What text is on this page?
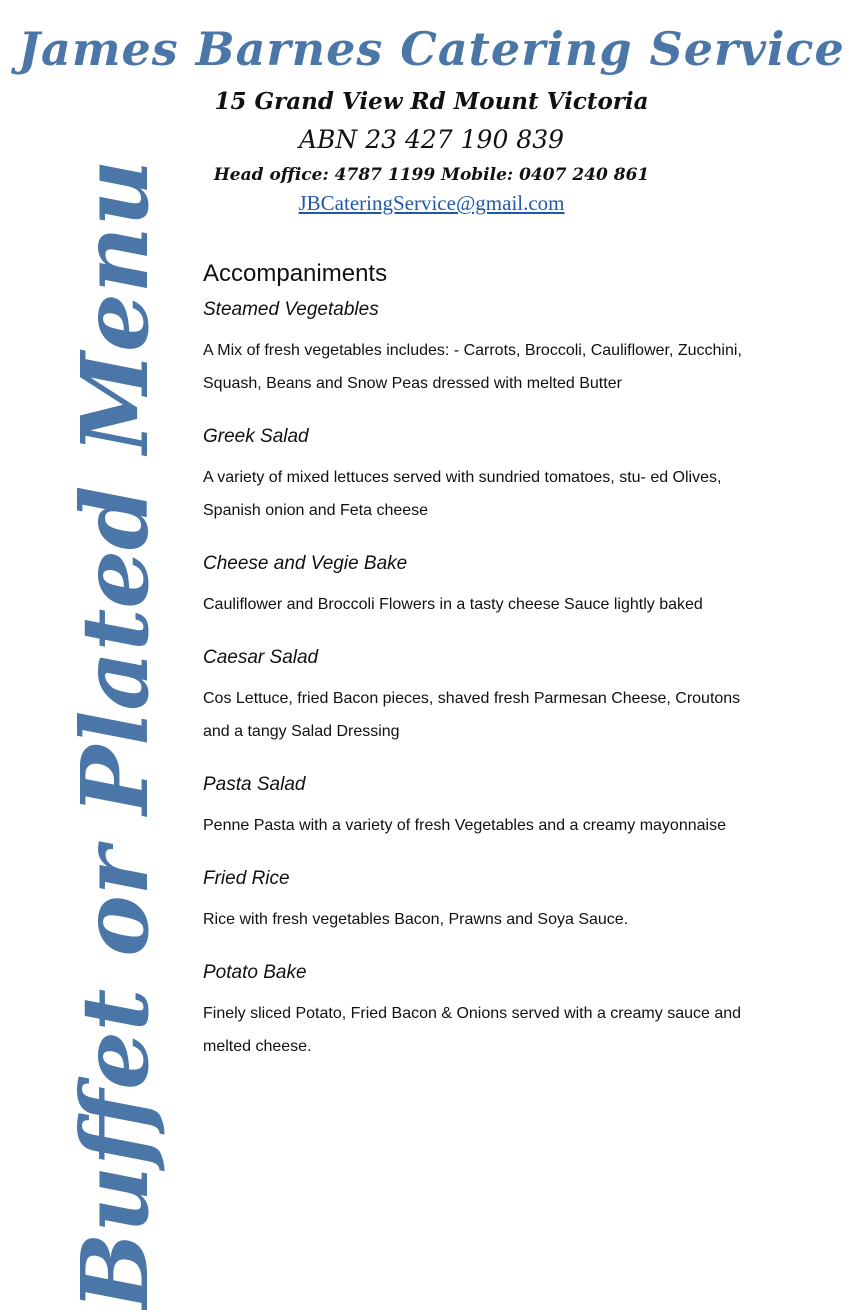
James Barnes Catering Service
15 Grand View Rd Mount Victoria
ABN 23 427 190 839
Head office: 4787 1199 Mobile: 0407 240 861
JBCateringService@gmail.com
Buffet or Plated Menu Accompaniments
Steamed Vegetables
A Mix of fresh vegetables includes: - Carrots, Broccoli, Cauliflower, Zucchini,
Squash, Beans and Snow Peas dressed with melted Butter
Greek Salad
A variety of mixed lettuces served with sundried tomatoes, stu- ed Olives,
Spanish onion and Feta cheese
Cheese and Vegie Bake
Cauliflower and Broccoli Flowers in a tasty cheese Sauce lightly baked
Caesar Salad
Cos Lettuce, fried Bacon pieces, shaved fresh Parmesan Cheese, Croutons
and a tangy Salad Dressing
Pasta Salad
Penne Pasta with a variety of fresh Vegetables and a creamy mayonnaise
Fried Rice
Rice with fresh vegetables Bacon, Prawns and Soya Sauce.
Potato Bake
Finely sliced Potato, Fried Bacon & Onions served with a creamy sauce and
melted cheese.
